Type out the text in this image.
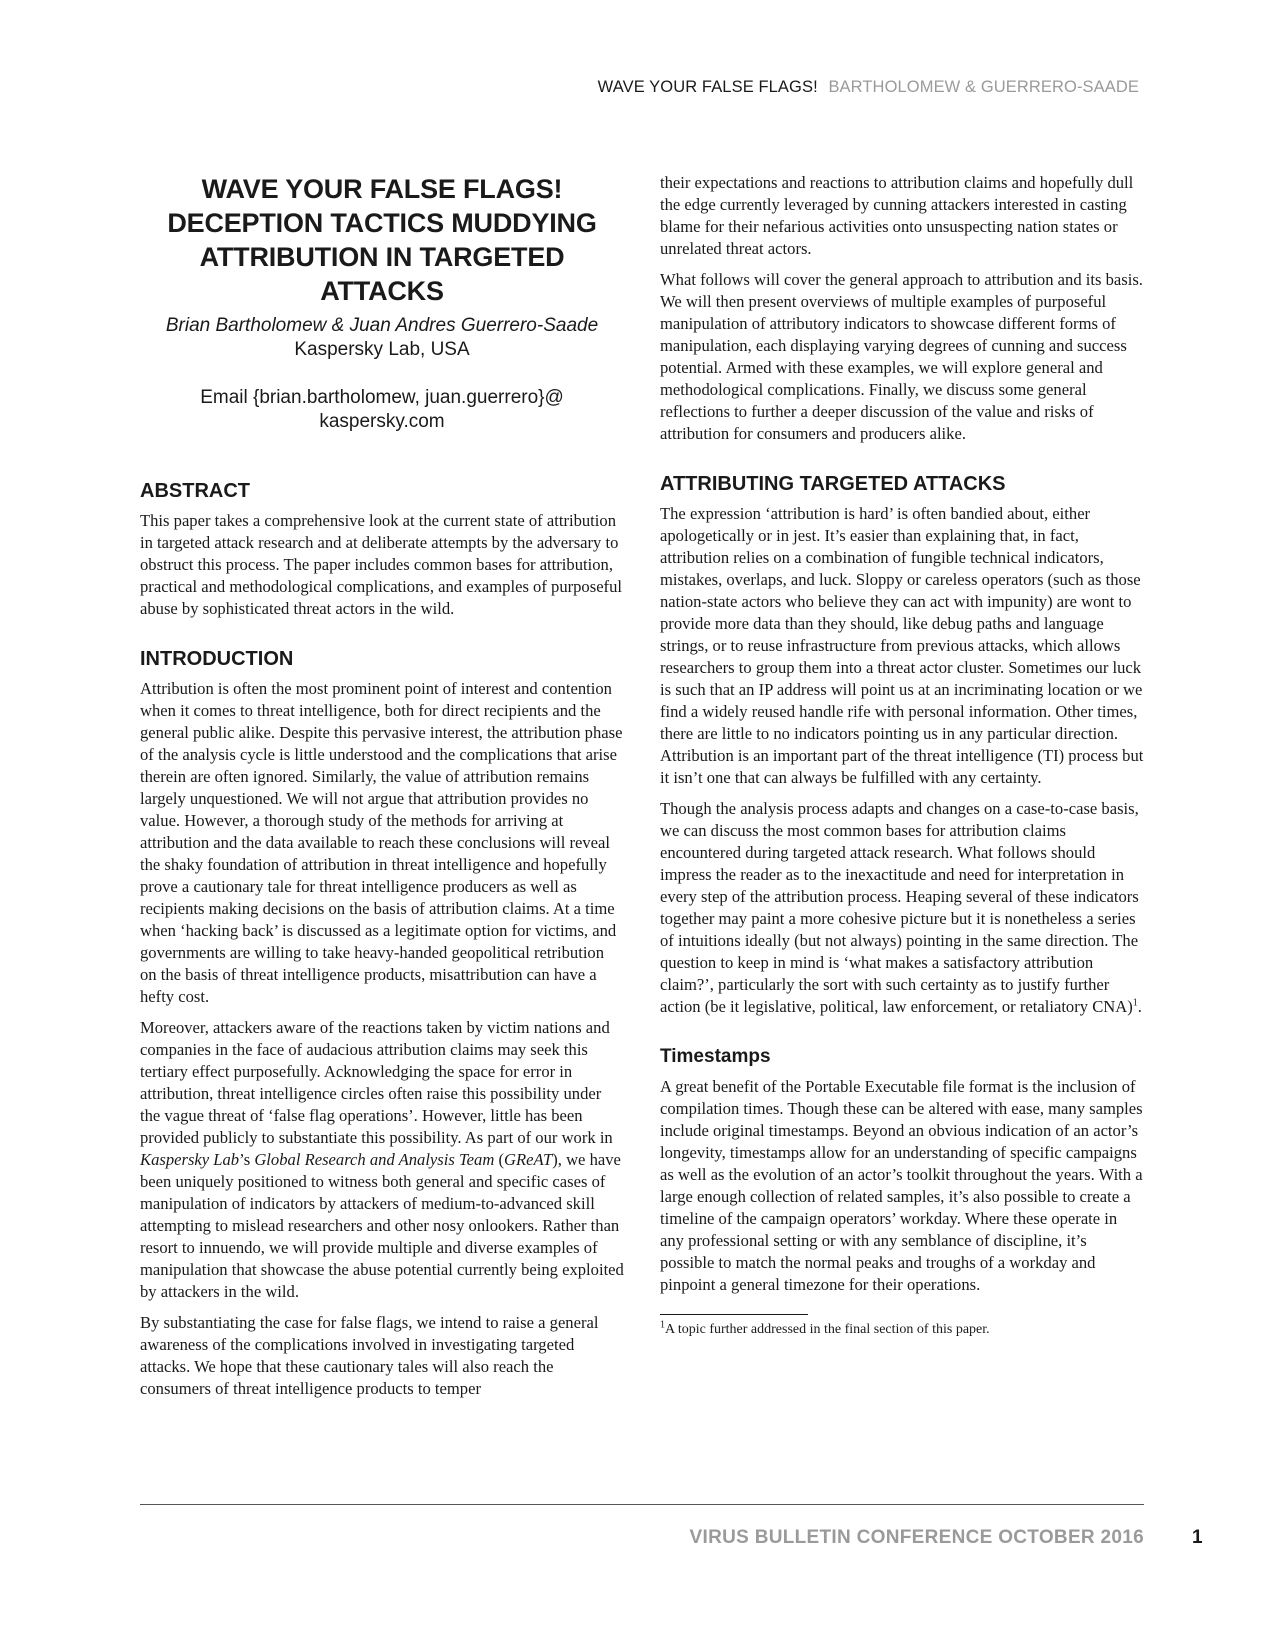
WAVE YOUR FALSE FLAGS! BARTHOLOMEW & GUERRERO-SAADE
WAVE YOUR FALSE FLAGS!
DECEPTION TACTICS MUDDYING
ATTRIBUTION IN TARGETED
ATTACKS
Brian Bartholomew & Juan Andres Guerrero-Saade
Kaspersky Lab, USA
Email {brian.bartholomew, juan.guerrero}@
kaspersky.com
ABSTRACT

This paper takes a comprehensive look at the current state of attribution in targeted attack research and at deliberate attempts by the adversary to obstruct this process. The paper includes common bases for attribution, practical and methodological complications, and examples of purposeful abuse by sophisticated threat actors in the wild.

INTRODUCTION

Attribution is often the most prominent point of interest and contention when it comes to threat intelligence, both for direct recipients and the general public alike. Despite this pervasive interest, the attribution phase of the analysis cycle is little understood and the complications that arise therein are often ignored. Similarly, the value of attribution remains largely unquestioned. We will not argue that attribution provides no value. However, a thorough study of the methods for arriving at attribution and the data available to reach these conclusions will reveal the shaky foundation of attribution in threat intelligence and hopefully prove a cautionary tale for threat intelligence producers as well as recipients making decisions on the basis of attribution claims. At a time when ‘hacking back’ is discussed as a legitimate option for victims, and governments are willing to take heavy-handed geopolitical retribution on the basis of threat intelligence products, misattribution can have a hefty cost.

Moreover, attackers aware of the reactions taken by victim nations and companies in the face of audacious attribution claims may seek this tertiary effect purposefully. Acknowledging the space for error in attribution, threat intelligence circles often raise this possibility under the vague threat of ‘false flag operations’. However, little has been provided publicly to substantiate this possibility. As part of our work in Kaspersky Lab’s Global Research and Analysis Team (GReAT), we have been uniquely positioned to witness both general and specific cases of manipulation of indicators by attackers of medium-to-advanced skill attempting to mislead researchers and other nosy onlookers. Rather than resort to innuendo, we will provide multiple and diverse examples of manipulation that showcase the abuse potential currently being exploited by attackers in the wild.

By substantiating the case for false flags, we intend to raise a general awareness of the complications involved in investigating targeted attacks. We hope that these cautionary tales will also reach the consumers of threat intelligence products to temper

their expectations and reactions to attribution claims and hopefully dull the edge currently leveraged by cunning attackers interested in casting blame for their nefarious activities onto unsuspecting nation states or unrelated threat actors.

What follows will cover the general approach to attribution and its basis. We will then present overviews of multiple examples of purposeful manipulation of attributory indicators to showcase different forms of manipulation, each displaying varying degrees of cunning and success potential. Armed with these examples, we will explore general and methodological complications. Finally, we discuss some general reflections to further a deeper discussion of the value and risks of attribution for consumers and producers alike.

ATTRIBUTING TARGETED ATTACKS

The expression ‘attribution is hard’ is often bandied about, either apologetically or in jest. It’s easier than explaining that, in fact, attribution relies on a combination of fungible technical indicators, mistakes, overlaps, and luck. Sloppy or careless operators (such as those nation-state actors who believe they can act with impunity) are wont to provide more data than they should, like debug paths and language strings, or to reuse infrastructure from previous attacks, which allows researchers to group them into a threat actor cluster. Sometimes our luck is such that an IP address will point us at an incriminating location or we find a widely reused handle rife with personal information. Other times, there are little to no indicators pointing us in any particular direction. Attribution is an important part of the threat intelligence (TI) process but it isn’t one that can always be fulfilled with any certainty.

Though the analysis process adapts and changes on a case-to-case basis, we can discuss the most common bases for attribution claims encountered during targeted attack research. What follows should impress the reader as to the inexactitude and need for interpretation in every step of the attribution process. Heaping several of these indicators together may paint a more cohesive picture but it is nonetheless a series of intuitions ideally (but not always) pointing in the same direction. The question to keep in mind is ‘what makes a satisfactory attribution claim?’, particularly the sort with such certainty as to justify further action (be it legislative, political, law enforcement, or retaliatory CNA)$^1$.

Timestamps

A great benefit of the Portable Executable file format is the inclusion of compilation times. Though these can be altered with ease, many samples include original timestamps. Beyond an obvious indication of an actor’s longevity, timestamps allow for an understanding of specific campaigns as well as the evolution of an actor’s toolkit throughout the years. With a large enough collection of related samples, it’s also possible to create a timeline of the campaign operators’ workday. Where these operate in any professional setting or with any semblance of discipline, it’s possible to match the normal peaks and troughs of a workday and pinpoint a general timezone for their operations.

$^1$A topic further addressed in the final section of this paper.
VIRUS BULLETIN CONFERENCE OCTOBER 2016	1
